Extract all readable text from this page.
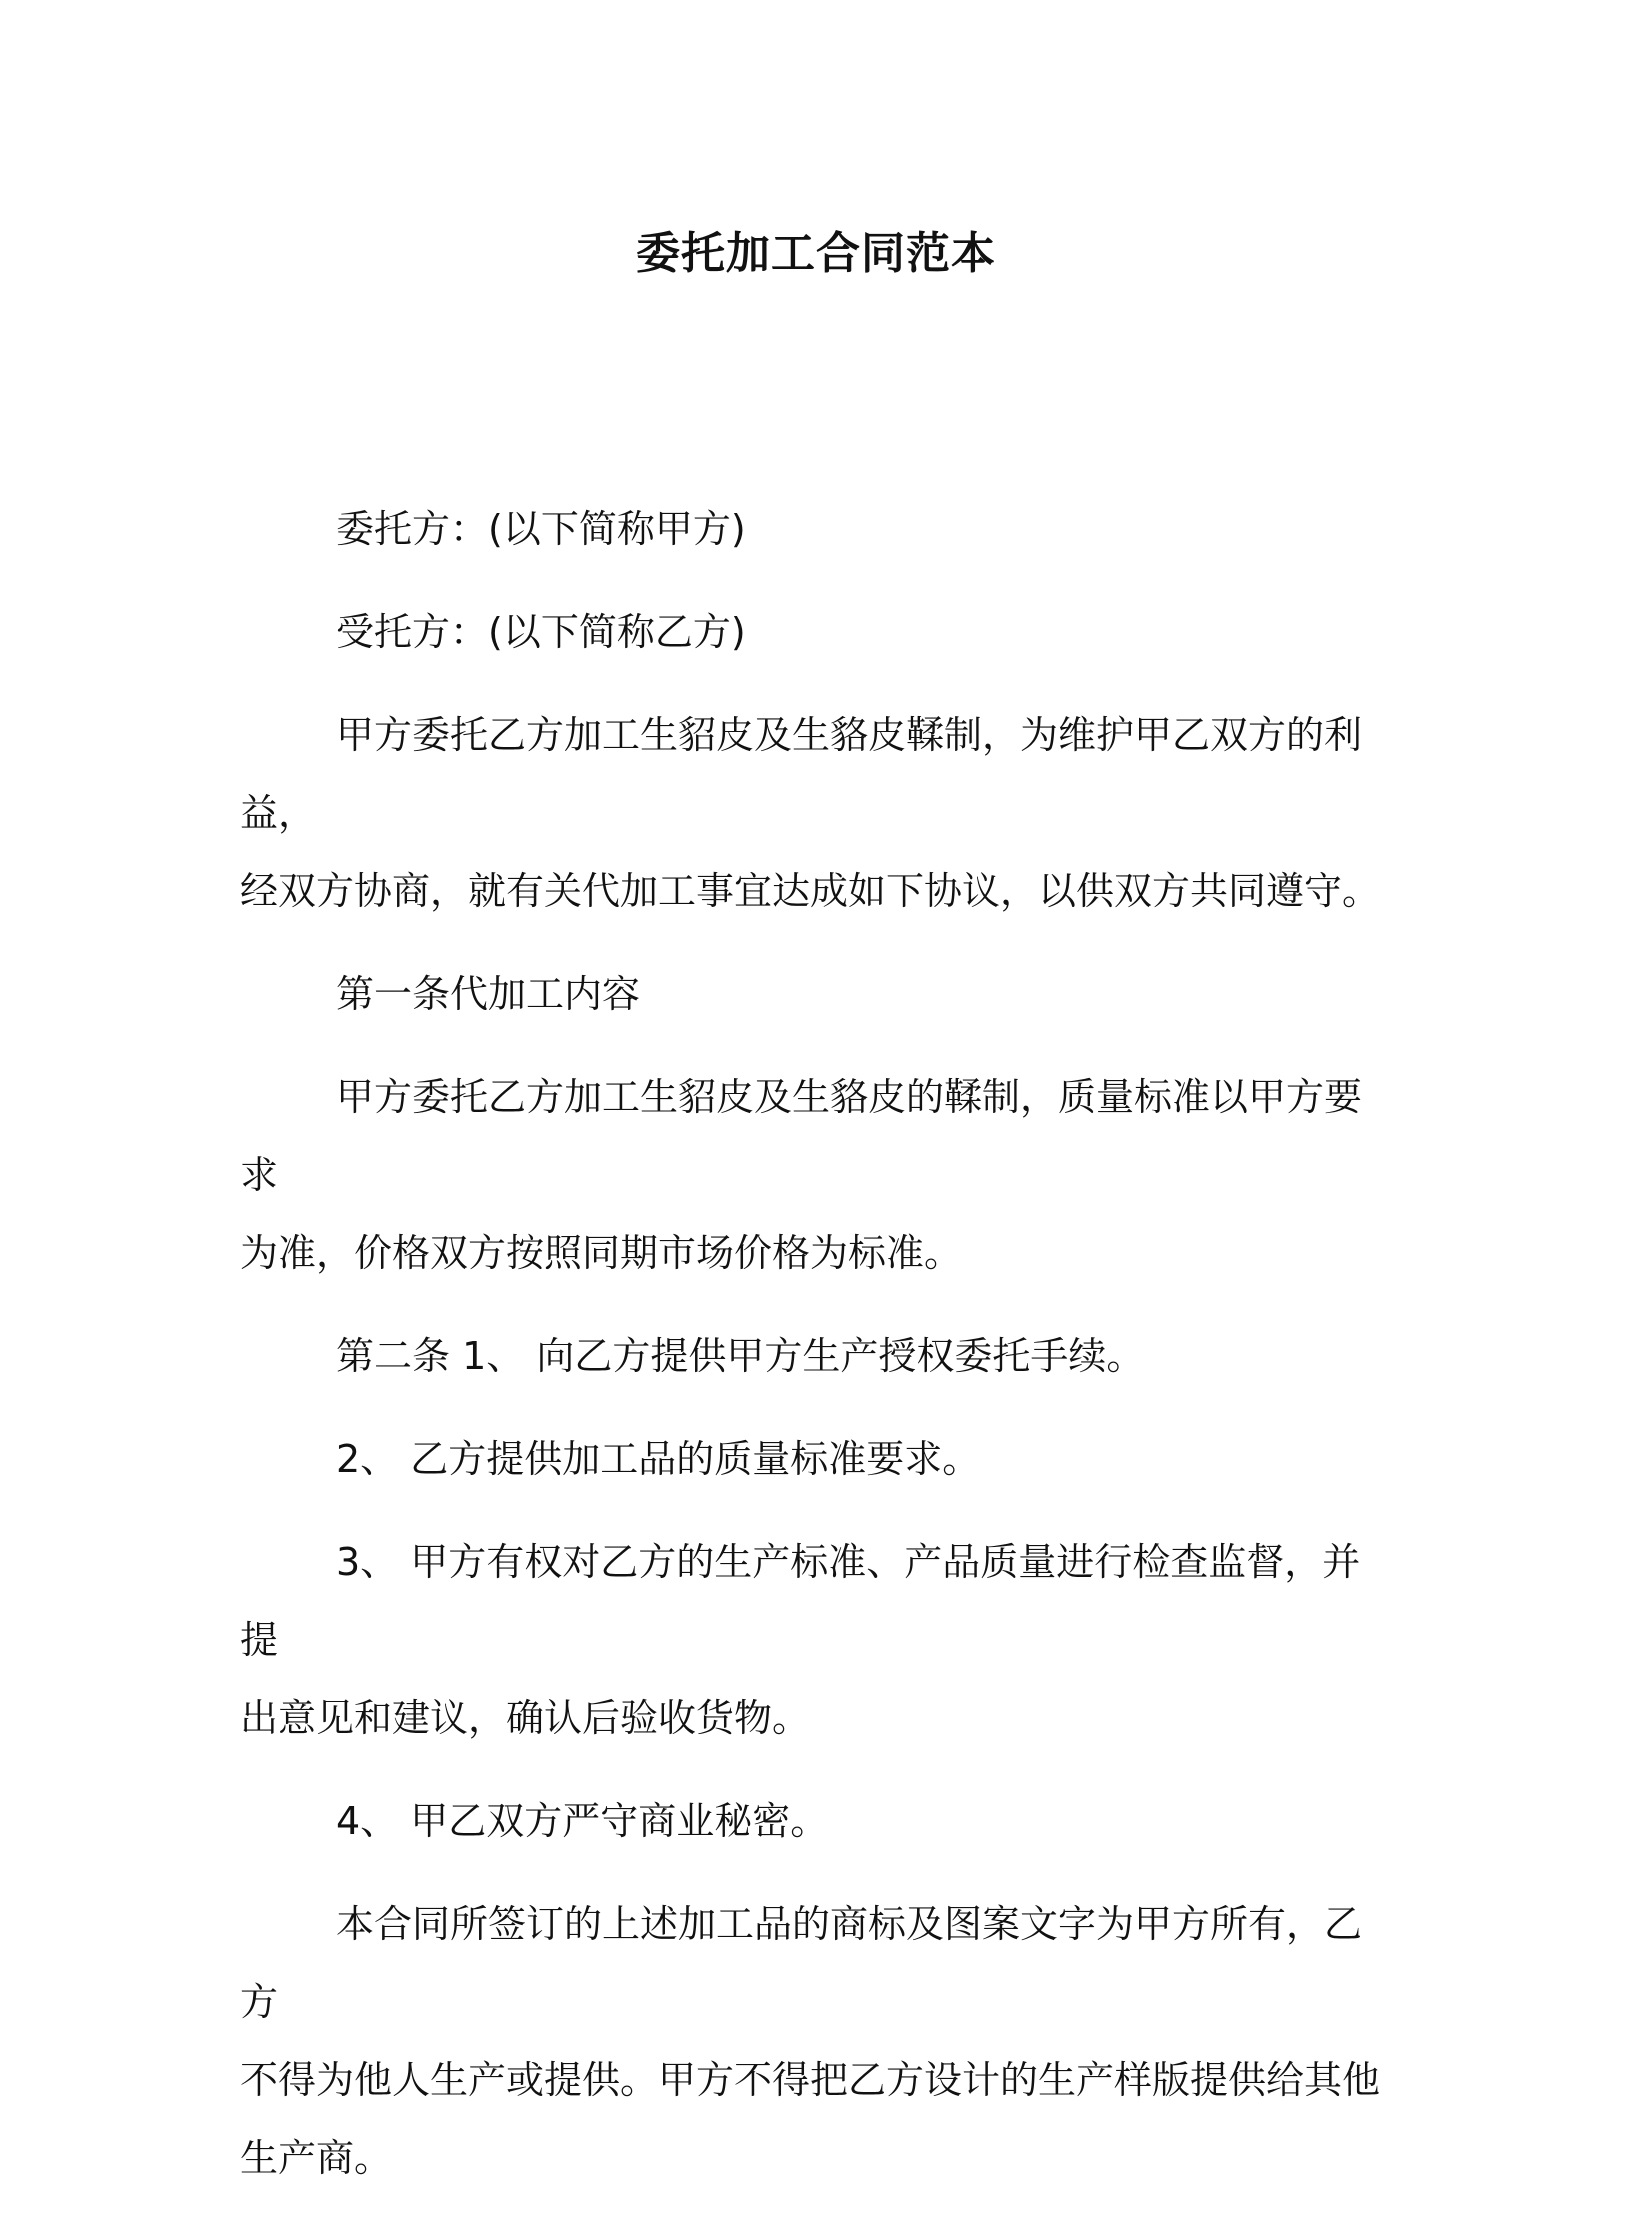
委托加工合同范本

委托方：(以下简称甲方)

受托方：(以下简称乙方)

甲方委托乙方加工生貂皮及生貉皮鞣制，为维护甲乙双方的利益，
经双方协商，就有关代加工事宜达成如下协议，以供双方共同遵守。

第一条代加工内容

甲方委托乙方加工生貂皮及生貉皮的鞣制，质量标准以甲方要求
为准，价格双方按照同期市场价格为标准。

第二条 1、 向乙方提供甲方生产授权委托手续。

2、 乙方提供加工品的质量标准要求。

3、 甲方有权对乙方的生产标准、产品质量进行检查监督，并提
出意见和建议，确认后验收货物。

4、 甲乙双方严守商业秘密。

本合同所签订的上述加工品的商标及图案文字为甲方所有，乙方
不得为他人生产或提供。甲方不得把乙方设计的生产样版提供给其他
生产商。
